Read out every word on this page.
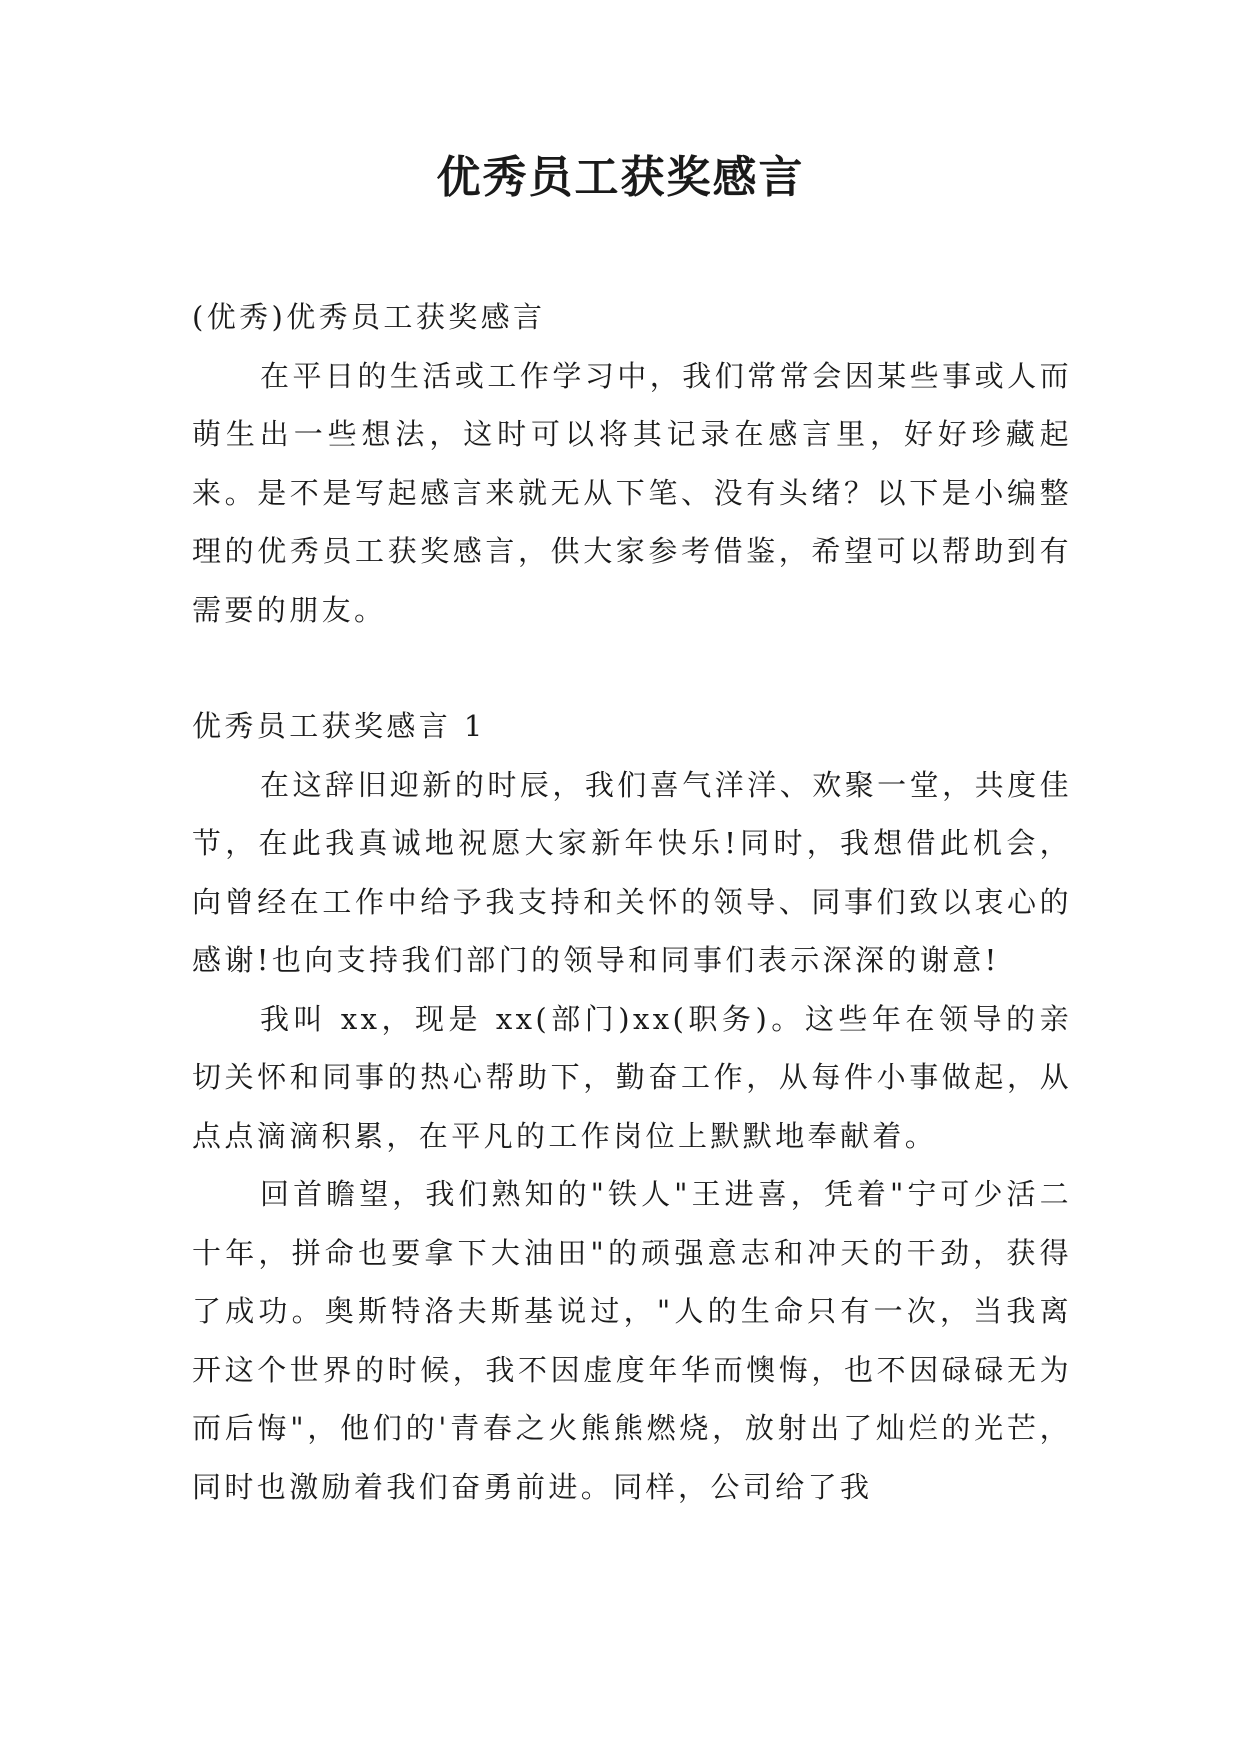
优秀员工获奖感言

(优秀)优秀员工获奖感言

在平日的生活或工作学习中，我们常常会因某些事或人而萌生出一些想法，这时可以将其记录在感言里，好好珍藏起来。是不是写起感言来就无从下笔、没有头绪？以下是小编整理的优秀员工获奖感言，供大家参考借鉴，希望可以帮助到有需要的朋友。

优秀员工获奖感言 1

在这辞旧迎新的时辰，我们喜气洋洋、欢聚一堂，共度佳节，在此我真诚地祝愿大家新年快乐!同时，我想借此机会，向曾经在工作中给予我支持和关怀的领导、同事们致以衷心的感谢!也向支持我们部门的领导和同事们表示深深的谢意!

我叫 xx，现是 xx(部门)xx(职务)。这些年在领导的亲切关怀和同事的热心帮助下，勤奋工作，从每件小事做起，从点点滴滴积累，在平凡的工作岗位上默默地奉献着。

回首瞻望，我们熟知的"铁人"王进喜，凭着"宁可少活二十年，拼命也要拿下大油田"的顽强意志和冲天的干劲，获得了成功。奥斯特洛夫斯基说过，"人的生命只有一次，当我离开这个世界的时候，我不因虚度年华而懊悔，也不因碌碌无为而后悔"，他们的'青春之火熊熊燃烧，放射出了灿烂的光芒，同时也激励着我们奋勇前进。同样，公司给了我
